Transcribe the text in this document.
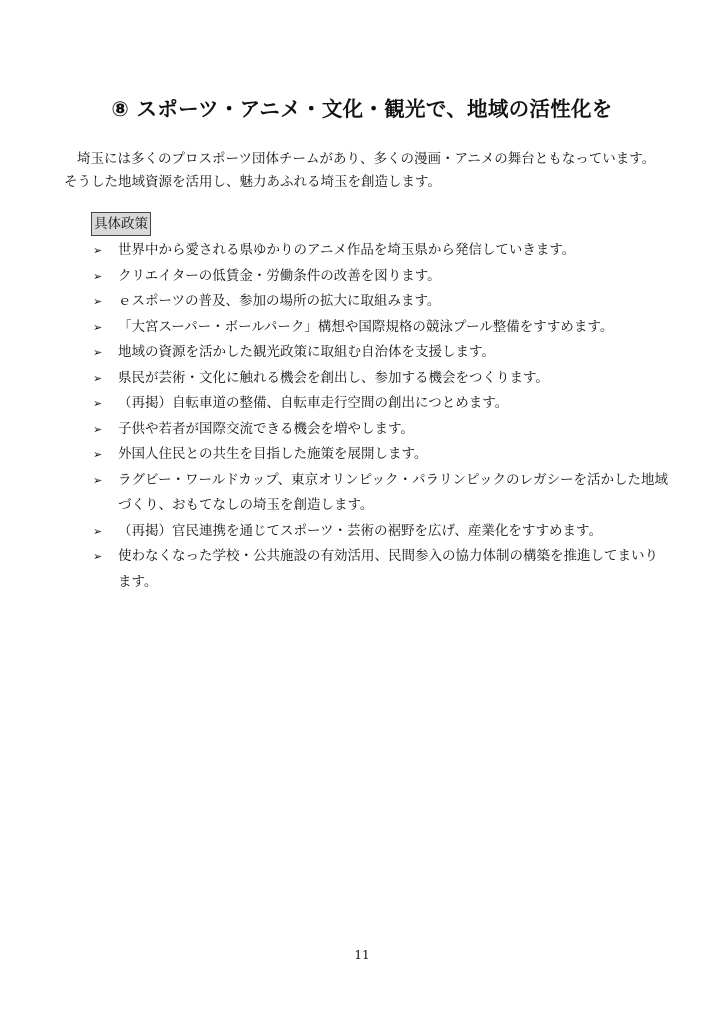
⑧ スポーツ・アニメ・文化・観光で、地域の活性化を
埼玉には多くのプロスポーツ団体チームがあり、多くの漫画・アニメの舞台ともなっています。そうした地域資源を活用し、魅力あふれる埼玉を創造します。
具体政策
➢ 世界中から愛される県ゆかりのアニメ作品を埼玉県から発信していきます。
➢ クリエイターの低賃金・労働条件の改善を図ります。
➢ ｅスポーツの普及、参加の場所の拡大に取組みます。
➢ 「大宮スーパー・ボールパーク」構想や国際規格の競泳プール整備をすすめます。
➢ 地域の資源を活かした観光政策に取組む自治体を支援します。
➢ 県民が芸術・文化に触れる機会を創出し、参加する機会をつくります。
➢ （再掲）自転車道の整備、自転車走行空間の創出につとめます。
➢ 子供や若者が国際交流できる機会を増やします。
➢ 外国人住民との共生を目指した施策を展開します。
➢ ラグビー・ワールドカップ、東京オリンピック・パラリンピックのレガシーを活かした地域づくり、おもてなしの埼玉を創造します。
➢ （再掲）官民連携を通じてスポーツ・芸術の裾野を広げ、産業化をすすめます。
➢ 使わなくなった学校・公共施設の有効活用、民間参入の協力体制の構築を推進してまいります。
11
